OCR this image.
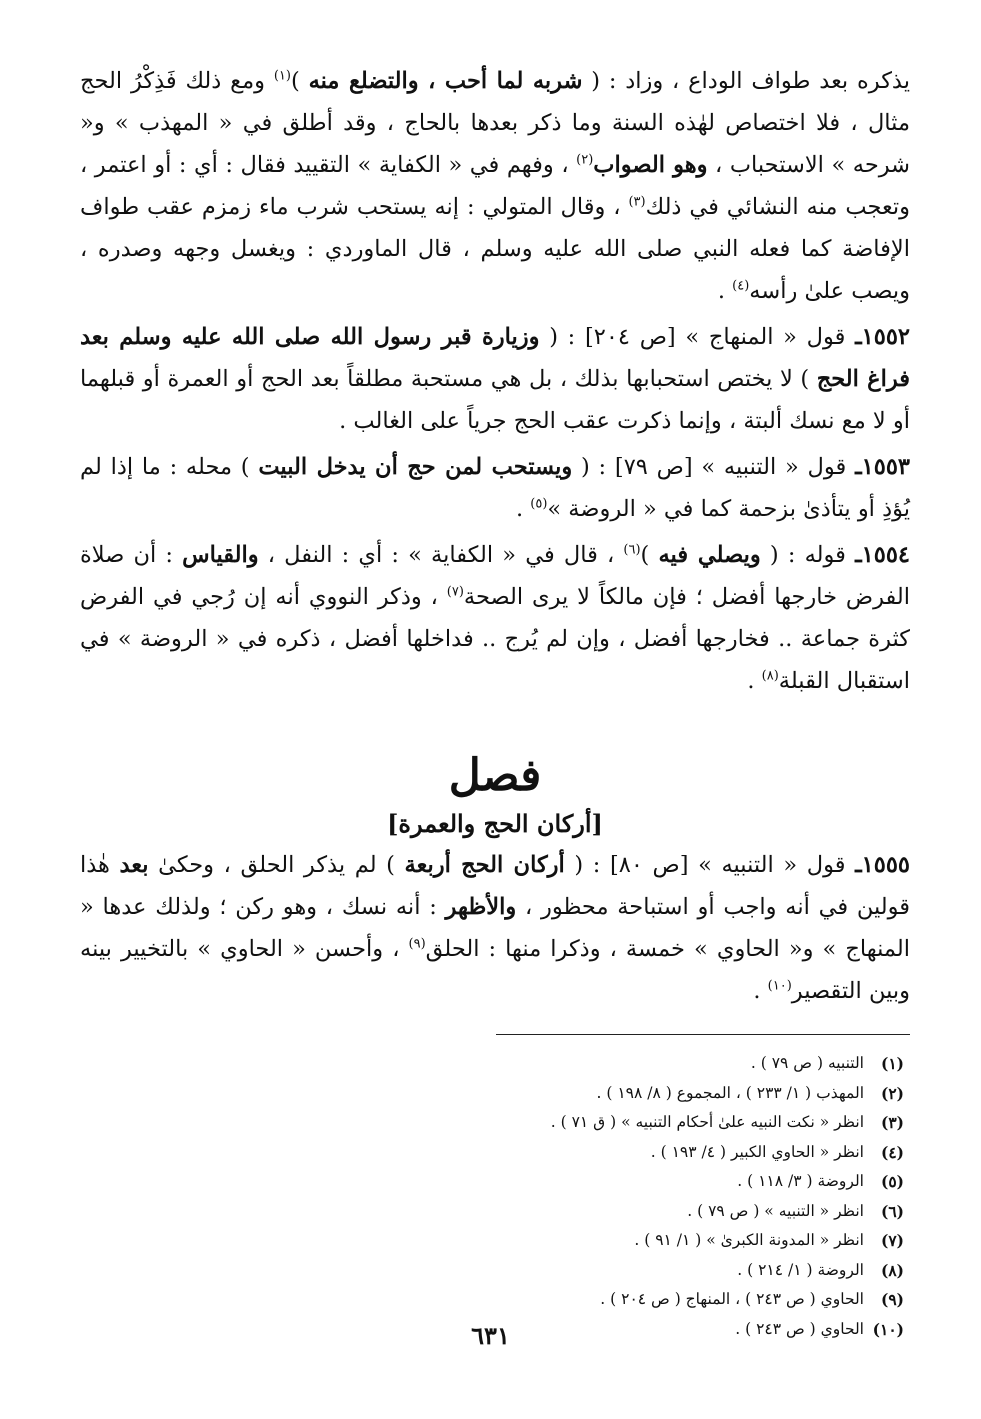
يذكره بعد طواف الوداع ، وزاد : ( شربه لما أحب ، والتضلع منه )$^{(١)}$ ومع ذلك فَذِكْرُ الحج مثال ، فلا اختصاص لهٰذه السنة وما ذكر بعدها بالحاج ، وقد أطلق في « المهذب » و« شرحه » الاستحباب ، وهو الصواب$^{(٢)}$ ، وفهم في « الكفاية » التقييد فقال : أي : أو اعتمر ، وتعجب منه النشائي في ذلك$^{(٣)}$ ، وقال المتولي : إنه يستحب شرب ماء زمزم عقب طواف الإفاضة كما فعله النبي صلى الله عليه وسلم ، قال الماوردي : ويغسل وجهه وصدره ، ويصب علىٰ رأسه$^{(٤)}$ .

١٥٥٢ـ قول « المنهاج » [ص ٢٠٤] : ( وزيارة قبر رسول الله صلى الله عليه وسلم بعد فراغ الحج ) لا يختص استحبابها بذلك ، بل هي مستحبة مطلقاً بعد الحج أو العمرة أو قبلهما أو لا مع نسك ألبتة ، وإنما ذكرت عقب الحج جرياً على الغالب .

١٥٥٣ـ قول « التنبيه » [ص ٧٩] : ( ويستحب لمن حج أن يدخل البيت ) محله : ما إذا لم يُؤذِ أو يتأذىٰ بزحمة كما في « الروضة »$^{(٥)}$ .

١٥٥٤ـ قوله : ( ويصلي فيه )$^{(٦)}$ ، قال في « الكفاية » : أي : النفل ، والقياس : أن صلاة الفرض خارجها أفضل ؛ فإن مالكاً لا يرى الصحة$^{(٧)}$ ، وذكر النووي أنه إن رُجي في الفرض كثرة جماعة .. فخارجها أفضل ، وإن لم يُرج .. فداخلها أفضل ، ذكره في « الروضة » في استقبال القبلة$^{(٨)}$ .

فصل
[أركان الحج والعمرة]

١٥٥٥ـ قول « التنبيه » [ص ٨٠] : ( أركان الحج أربعة ) لم يذكر الحلق ، وحكىٰ بعد هٰذا قولين في أنه واجب أو استباحة محظور ، والأظهر : أنه نسك ، وهو ركن ؛ ولذلك عدها « المنهاج » و« الحاوي » خمسة ، وذكرا منها : الحلق$^{(٩)}$ ، وأحسن « الحاوي » بالتخيير بينه وبين التقصير$^{(١٠)}$ .

(١)
التنبيه ( ص ٧٩ ) .
(٢)
المهذب ( ١/ ٢٣٣ ) ، المجموع ( ٨/ ١٩٨ ) .
(٣)
انظر « نكت النبيه علىٰ أحكام التنبيه » ( ق ٧١ ) .
(٤)
انظر « الحاوي الكبير ( ٤/ ١٩٣ ) .
(٥)
الروضة ( ٣/ ١١٨ ) .
(٦)
انظر « التنبيه » ( ص ٧٩ ) .
(٧)
انظر « المدونة الكبرىٰ » ( ١/ ٩١ ) .
(٨)
الروضة ( ١/ ٢١٤ ) .
(٩)
الحاوي ( ص ٢٤٣ ) ، المنهاج ( ص ٢٠٤ ) .
(١٠)
الحاوي ( ص ٢٤٣ ) .
٦٣١
